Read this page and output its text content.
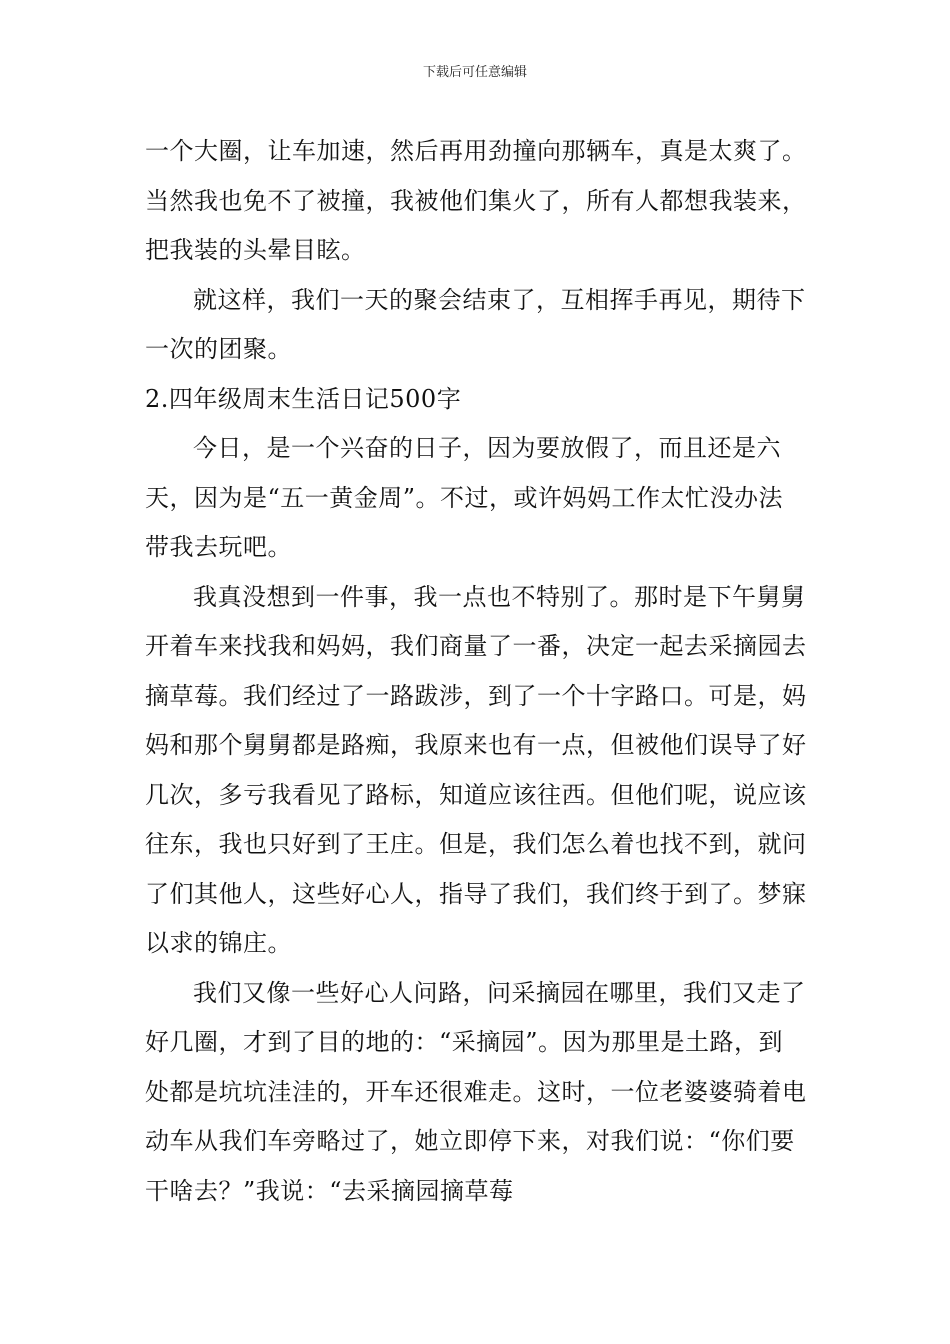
下载后可任意编辑

一个大圈，让车加速，然后再用劲撞向那辆车，真是太爽了。当然我也免不了被撞，我被他们集火了，所有人都想我装来，把我装的头晕目眩。

就这样，我们一天的聚会结束了，互相挥手再见，期待下一次的团聚。

2.四年级周末生活日记500字

今日，是一个兴奋的日子，因为要放假了，而且还是六天，因为是“五一黄金周”。不过，或许妈妈工作太忙没办法带我去玩吧。

我真没想到一件事，我一点也不特别了。那时是下午舅舅开着车来找我和妈妈，我们商量了一番，决定一起去采摘园去摘草莓。我们经过了一路跋涉，到了一个十字路口。可是，妈妈和那个舅舅都是路痴，我原来也有一点，但被他们误导了好几次，多亏我看见了路标，知道应该往西。但他们呢，说应该往东，我也只好到了王庄。但是，我们怎么着也找不到，就问了们其他人，这些好心人，指导了我们，我们终于到了。梦寐以求的锦庄。

我们又像一些好心人问路，问采摘园在哪里，我们又走了好几圈，才到了目的地的：“采摘园”。因为那里是土路，到处都是坑坑洼洼的，开车还很难走。这时，一位老婆婆骑着电动车从我们车旁略过了，她立即停下来，对我们说：“你们要干啥去？”我说：“去采摘园摘草莓
